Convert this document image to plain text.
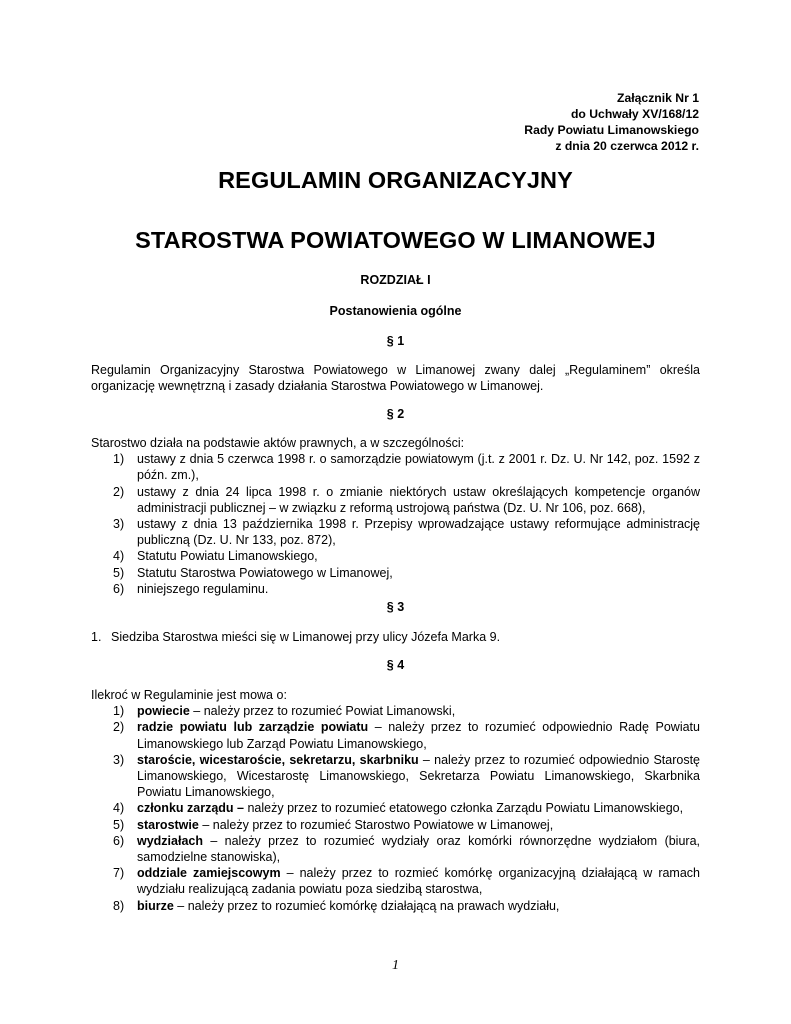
Załącznik Nr 1
do Uchwały XV/168/12
Rady Powiatu Limanowskiego
z dnia 20 czerwca 2012 r.
REGULAMIN ORGANIZACYJNY
STAROSTWA POWIATOWEGO W LIMANOWEJ
ROZDZIAŁ I
Postanowienia ogólne
§ 1
Regulamin Organizacyjny Starostwa Powiatowego w Limanowej zwany dalej „Regulaminem” określa organizację wewnętrzną i zasady działania Starostwa Powiatowego w Limanowej.
§ 2
Starostwo działa na podstawie aktów prawnych, a w szczególności:
1)	ustawy z dnia 5 czerwca 1998 r. o samorządzie powiatowym (j.t. z 2001 r. Dz. U. Nr 142, poz. 1592 z późn. zm.),
2)	ustawy z dnia 24 lipca 1998 r. o zmianie niektórych ustaw określających kompetencje organów administracji publicznej – w związku z reformą ustrojową państwa (Dz. U. Nr 106, poz. 668),
3)	ustawy z dnia 13 października 1998 r. Przepisy wprowadzające ustawy reformujące administrację publiczną (Dz. U. Nr 133, poz. 872),
4)	Statutu Powiatu Limanowskiego,
5)	Statutu Starostwa Powiatowego w Limanowej,
6)	niniejszego regulaminu.
§ 3
1. Siedziba Starostwa mieści się w Limanowej przy ulicy Józefa Marka 9.
§ 4
Ilekroć w Regulaminie jest mowa o:
1)	powiecie – należy przez to rozumieć Powiat Limanowski,
2)	radzie powiatu lub zarządzie powiatu – należy przez to rozumieć odpowiednio Radę Powiatu Limanowskiego lub Zarząd Powiatu Limanowskiego,
3)	staroście, wicestaroście, sekretarzu, skarbniku – należy przez to rozumieć odpowiednio Starostę Limanowskiego, Wicestarostę Limanowskiego, Sekretarza Powiatu Limanowskiego, Skarbnika Powiatu Limanowskiego,
4)	członku zarządu – należy przez to rozumieć etatowego członka Zarządu Powiatu Limanowskiego,
5)	starostwie – należy przez to rozumieć Starostwo Powiatowe w Limanowej,
6)	wydziałach – należy przez to rozumieć wydziały oraz komórki równorzędne wydziałom (biura, samodzielne stanowiska),
7)	oddziale zamiejscowym – należy przez to rozmieć komórkę organizacyjną działającą w ramach wydziału realizującą zadania powiatu poza siedzibą starostwa,
8)	biurze – należy przez to rozumieć komórkę działającą na prawach wydziału,
1
